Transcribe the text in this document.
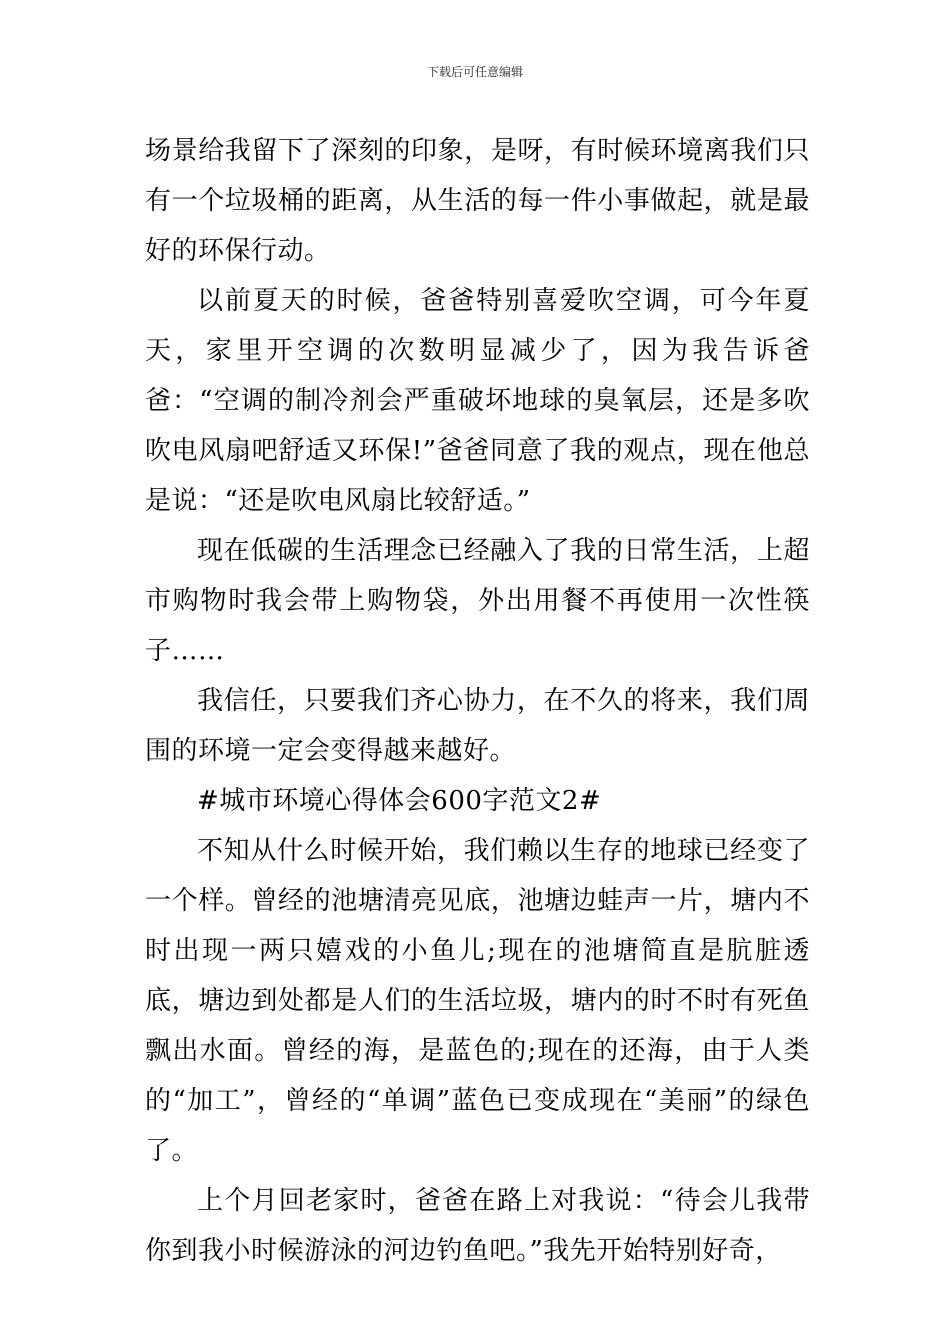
下载后可任意编辑

场景给我留下了深刻的印象，是呀，有时候环境离我们只有一个垃圾桶的距离，从生活的每一件小事做起，就是最好的环保行动。

以前夏天的时候，爸爸特别喜爱吹空调，可今年夏天，家里开空调的次数明显减少了，因为我告诉爸爸：“空调的制冷剂会严重破坏地球的臭氧层，还是多吹吹电风扇吧舒适又环保!”爸爸同意了我的观点，现在他总是说：“还是吹电风扇比较舒适。”

现在低碳的生活理念已经融入了我的日常生活，上超市购物时我会带上购物袋，外出用餐不再使用一次性筷子……

我信任，只要我们齐心协力，在不久的将来，我们周围的环境一定会变得越来越好。

#城市环境心得体会600字范文2#

不知从什么时候开始，我们赖以生存的地球已经变了一个样。曾经的池塘清亮见底，池塘边蛙声一片，塘内不时出现一两只嬉戏的小鱼儿;现在的池塘简直是肮脏透底，塘边到处都是人们的生活垃圾，塘内的时不时有死鱼飘出水面。曾经的海，是蓝色的;现在的还海，由于人类的“加工”，曾经的“单调”蓝色已变成现在“美丽”的绿色了。

上个月回老家时，爸爸在路上对我说：“待会儿我带你到我小时候游泳的河边钓鱼吧。”我先开始特别好奇，
